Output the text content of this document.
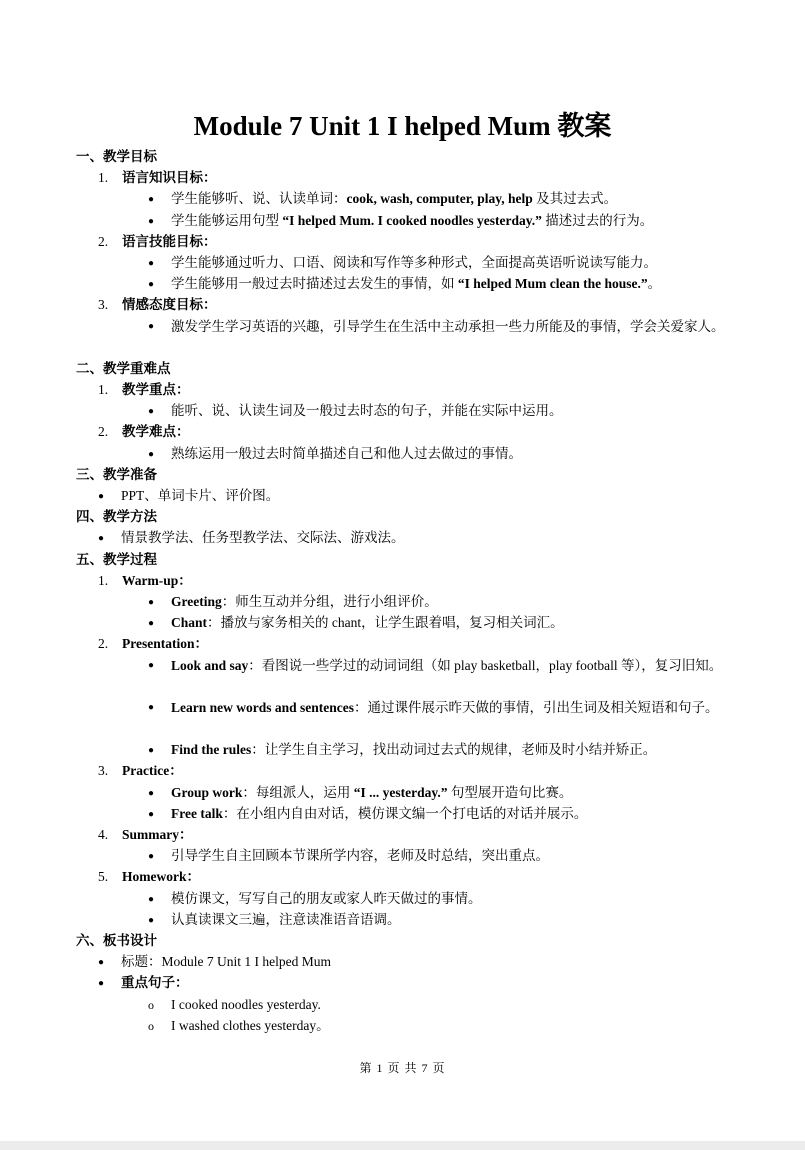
Module 7 Unit 1 I helped Mum 教案
一、教学目标
1. 语言知识目标：
● 学生能够听、说、认读单词：cook, wash, computer, play, help 及其过去式。
● 学生能够运用句型 “I helped Mum. I cooked noodles yesterday.” 描述过去的行为。
2. 语言技能目标：
● 学生能够通过听力、口语、阅读和写作等多种形式，全面提高英语听说读写能力。
● 学生能够用一般过去时描述过去发生的事情，如 “I helped Mum clean the house.”。
3. 情感态度目标：
●	激发学生学习英语的兴趣，引导学生在生活中主动承担一些力所能及的事情，学会关爱家人。
二、教学重难点
1. 教学重点：
● 能听、说、认读生词及一般过去时态的句子，并能在实际中运用。
2. 教学难点：
● 熟练运用一般过去时简单描述自己和他人过去做过的事情。
三、教学准备
● PPT、单词卡片、评价图。
四、教学方法
● 情景教学法、任务型教学法、交际法、游戏法。
五、教学过程
1. Warm-up：
● Greeting：师生互动并分组，进行小组评价。
● Chant：播放与家务相关的 chant，让学生跟着唱，复习相关词汇。
2. Presentation：
●	Look and say：看图说一些学过的动词词组（如 play basketball，play football 等），复习旧知。
●	Learn new words and sentences：通过课件展示昨天做的事情，引出生词及相关短语和句子。
● Find the rules：让学生自主学习，找出动词过去式的规律，老师及时小结并矫正。
3. Practice：
● Group work：每组派人，运用 “I ... yesterday.” 句型展开造句比赛。
● Free talk：在小组内自由对话，模仿课文编一个打电话的对话并展示。
4. Summary：
● 引导学生自主回顾本节课所学内容，老师及时总结，突出重点。
5. Homework：
● 模仿课文，写写自己的朋友或家人昨天做过的事情。
● 认真读课文三遍，注意读准语音语调。
六、板书设计
● 标题：Module 7 Unit 1 I helped Mum
● 重点句子：
o I cooked noodles yesterday.
o I washed clothes yesterday。
第 1 页 共 7 页
